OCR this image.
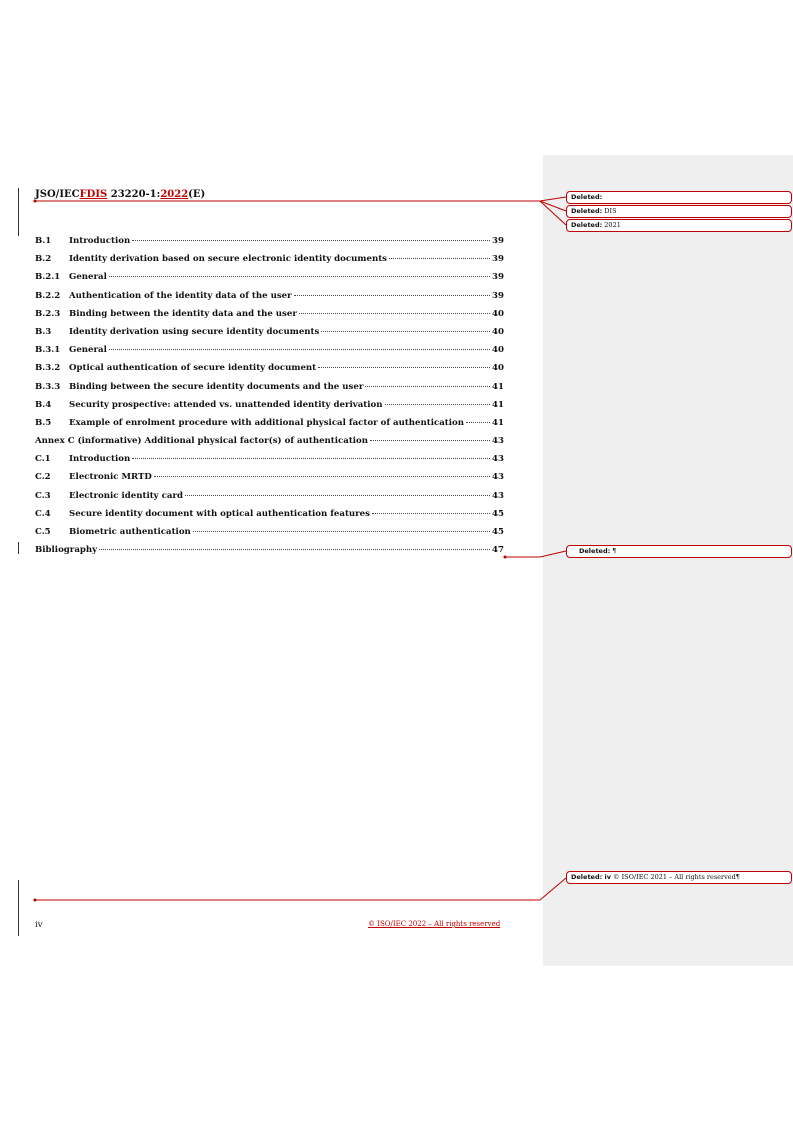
JSO/IECFDIS 23220-1:2022(E)
B.1	Introduction	39
B.2	Identity derivation based on secure electronic identity documents	39
B.2.1	General	39
B.2.2	Authentication of the identity data of the user	39
B.2.3	Binding between the identity data and the user	40
B.3	Identity derivation using secure identity documents	40
B.3.1	General	40
B.3.2	Optical authentication of secure identity document	40
B.3.3	Binding between the secure identity documents and the user	41
B.4	Security prospective: attended vs. unattended identity derivation	41
B.5	Example of enrolment procedure with additional physical factor of authentication	41
Annex C (informative) Additional physical factor(s) of authentication	43
C.1	Introduction	43
C.2	Electronic MRTD	43
C.3	Electronic identity card	43
C.4	Secure identity document with optical authentication features	45
C.5	Biometric authentication	45
Bibliography	47
iv	© ISO/IEC 2022 – All rights reserved
Deleted:
Deleted: DIS
Deleted: 2021
Deleted: ¶
Deleted: iv © ISO/IEC 2021 – All rights reserved¶
